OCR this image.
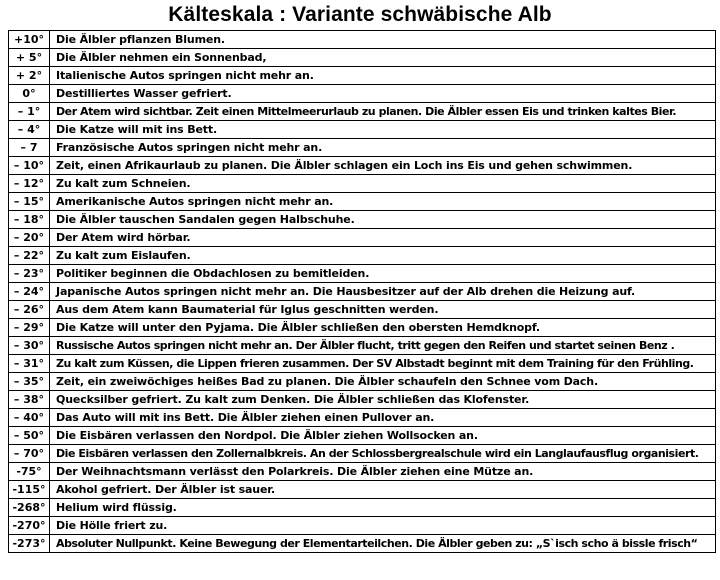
Kälteskala : Variante schwäbische Alb
+10°	Die Älbler pflanzen Blumen.
+ 5°	Die Älbler nehmen ein Sonnenbad,
+ 2°	Italienische Autos springen nicht mehr an.
0°	Destilliertes Wasser gefriert.
– 1°	Der Atem wird sichtbar. Zeit einen Mittelmeerurlaub zu planen. Die Älbler essen Eis und trinken kaltes Bier.
– 4°	Die Katze will mit ins Bett.
– 7	Französische Autos springen nicht mehr an.
– 10°	Zeit, einen Afrikaurlaub zu planen. Die Älbler schlagen ein Loch ins Eis und gehen schwimmen.
– 12°	Zu kalt zum Schneien.
– 15°	Amerikanische Autos springen nicht mehr an.
– 18°	Die Älbler tauschen Sandalen gegen Halbschuhe.
– 20°	Der Atem wird hörbar.
– 22°	Zu kalt zum Eislaufen.
– 23°	Politiker beginnen die Obdachlosen zu bemitleiden.
– 24°	Japanische Autos springen nicht mehr an. Die Hausbesitzer auf der Alb drehen die Heizung auf.
– 26°	Aus dem Atem kann Baumaterial für Iglus geschnitten werden.
– 29°	Die Katze will unter den Pyjama. Die Älbler schließen den obersten Hemdknopf.
– 30°	Russische Autos springen nicht mehr an. Der Älbler flucht, tritt gegen den Reifen und startet seinen Benz .
– 31°	Zu kalt zum Küssen, die Lippen frieren zusammen. Der SV Albstadt beginnt mit dem Training für den Frühling.
– 35°	Zeit, ein zweiwöchiges heißes Bad zu planen. Die Älbler schaufeln den Schnee vom Dach.
– 38°	Quecksilber gefriert. Zu kalt zum Denken. Die Älbler schließen das Klofenster.
– 40°	Das Auto will mit ins Bett. Die Älbler ziehen einen Pullover an.
– 50°	Die Eisbären verlassen den Nordpol. Die Älbler ziehen Wollsocken an.
– 70°	Die Eisbären verlassen den Zollernalbkreis. An der Schlossbergrealschule wird ein Langlaufausflug organisiert.
-75°	Der Weihnachtsmann verlässt den Polarkreis. Die Älbler ziehen eine Mütze an.
-115°	Akohol gefriert. Der Älbler ist sauer.
-268°	Helium wird flüssig.
-270°	Die Hölle friert zu.
-273°	Absoluter Nullpunkt. Keine Bewegung der Elementarteilchen. Die Älbler geben zu: „S`isch scho ä bissle frisch“
